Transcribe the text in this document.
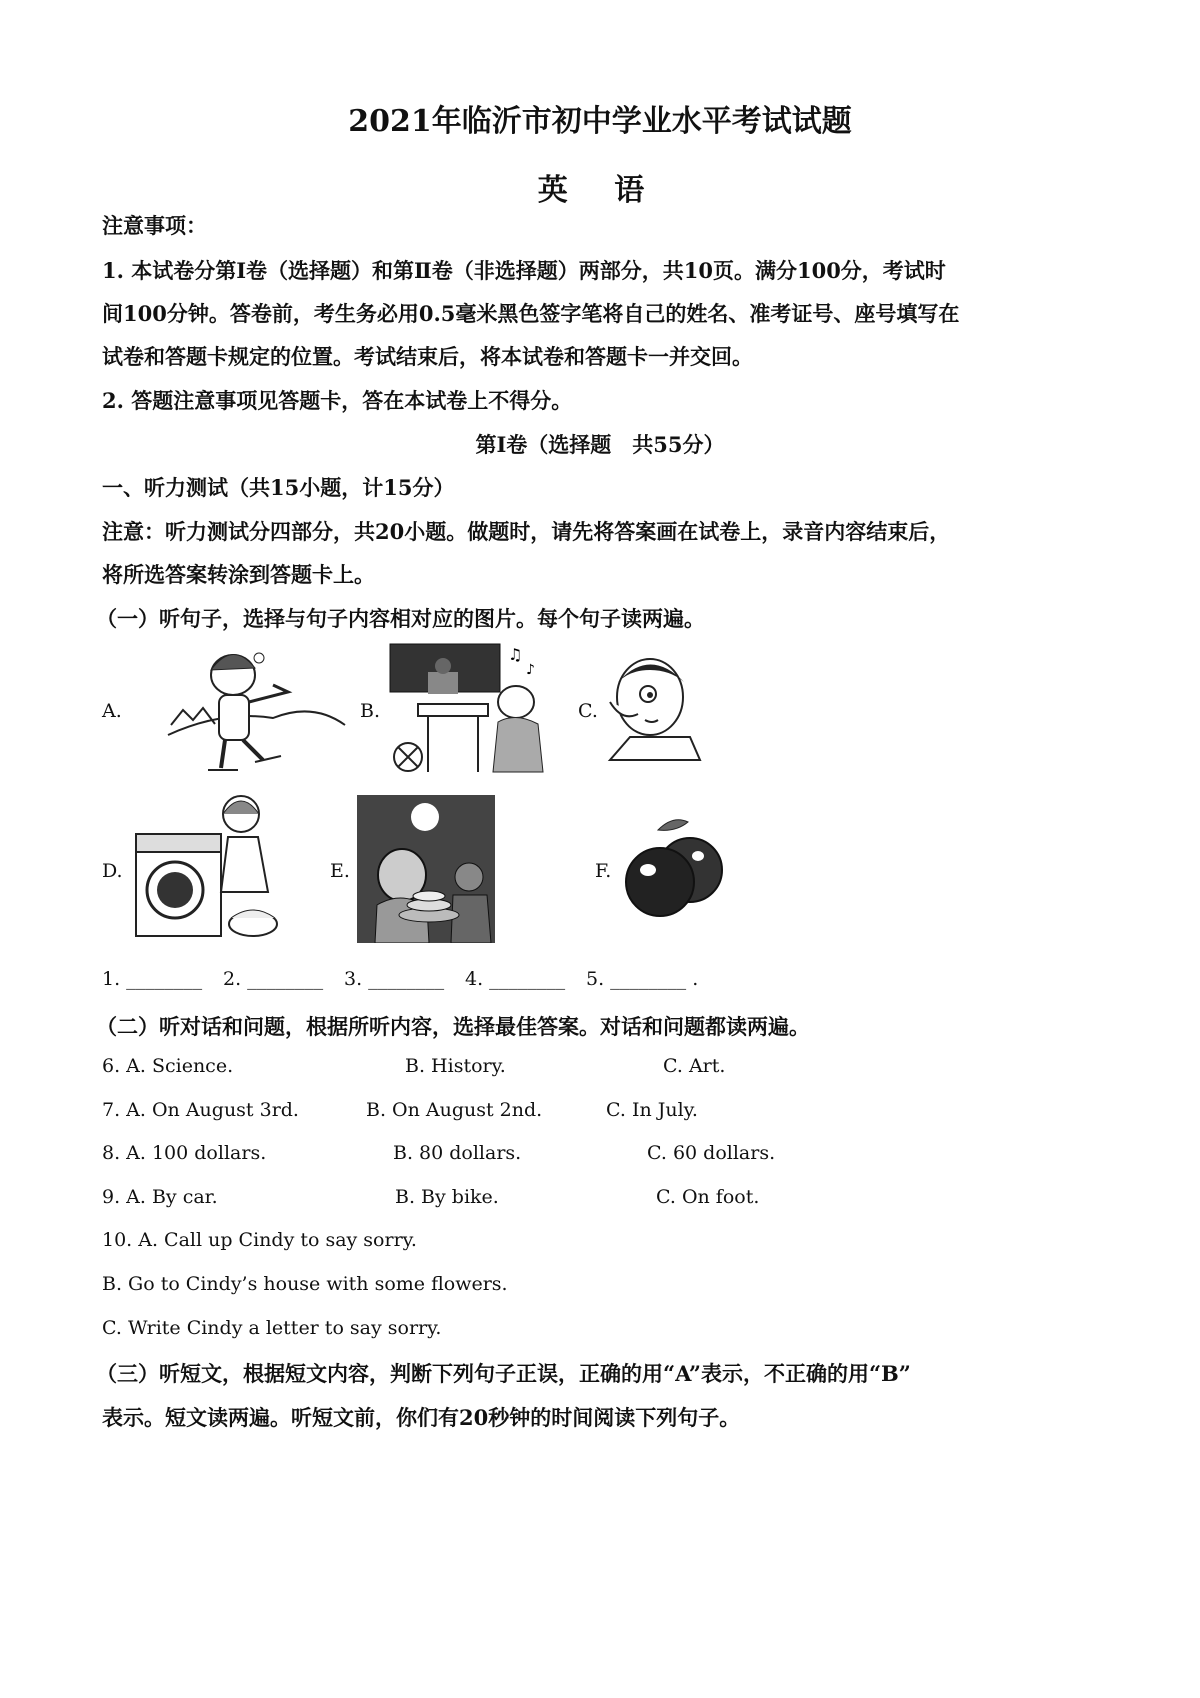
2021年临沂市初中学业水平考试试题
英 语
注意事项：
1. 本试卷分第Ⅰ卷（选择题）和第Ⅱ卷（非选择题）两部分，共10页。满分100分，考试时
间100分钟。答卷前，考生务必用0.5毫米黑色签字笔将自己的姓名、准考证号、座号填写在
试卷和答题卡规定的位置。考试结束后，将本试卷和答题卡一并交回。
2. 答题注意事项见答题卡，答在本试卷上不得分。
第Ⅰ卷（选择题　共55分）
一、听力测试（共15小题，计15分）
注意：听力测试分四部分，共20小题。做题时，请先将答案画在试卷上，录音内容结束后，
将所选答案转涂到答题卡上。
（一）听句子，选择与句子内容相对应的图片。每个句子读两遍。
A.	B.
♫
♪
C.
D.	E.	F.
1. ________ 2. ________ 3. ________ 4. ________ 5. ________ .
（二）听对话和问题，根据所听内容，选择最佳答案。对话和问题都读两遍。
6. A. Science.	B. History.	C. Art.
7. A. On August 3rd.	B. On August 2nd.	C. In July.
8. A. 100 dollars.	B. 80 dollars.	C. 60 dollars.
9. A. By car.	B. By bike.	C. On foot.
10. A. Call up Cindy to say sorry.
B. Go to Cindy’s house with some flowers.
C. Write Cindy a letter to say sorry.
（三）听短文，根据短文内容，判断下列句子正误，正确的用“A”表示，不正确的用“B”
表示。短文读两遍。听短文前，你们有20秒钟的时间阅读下列句子。
